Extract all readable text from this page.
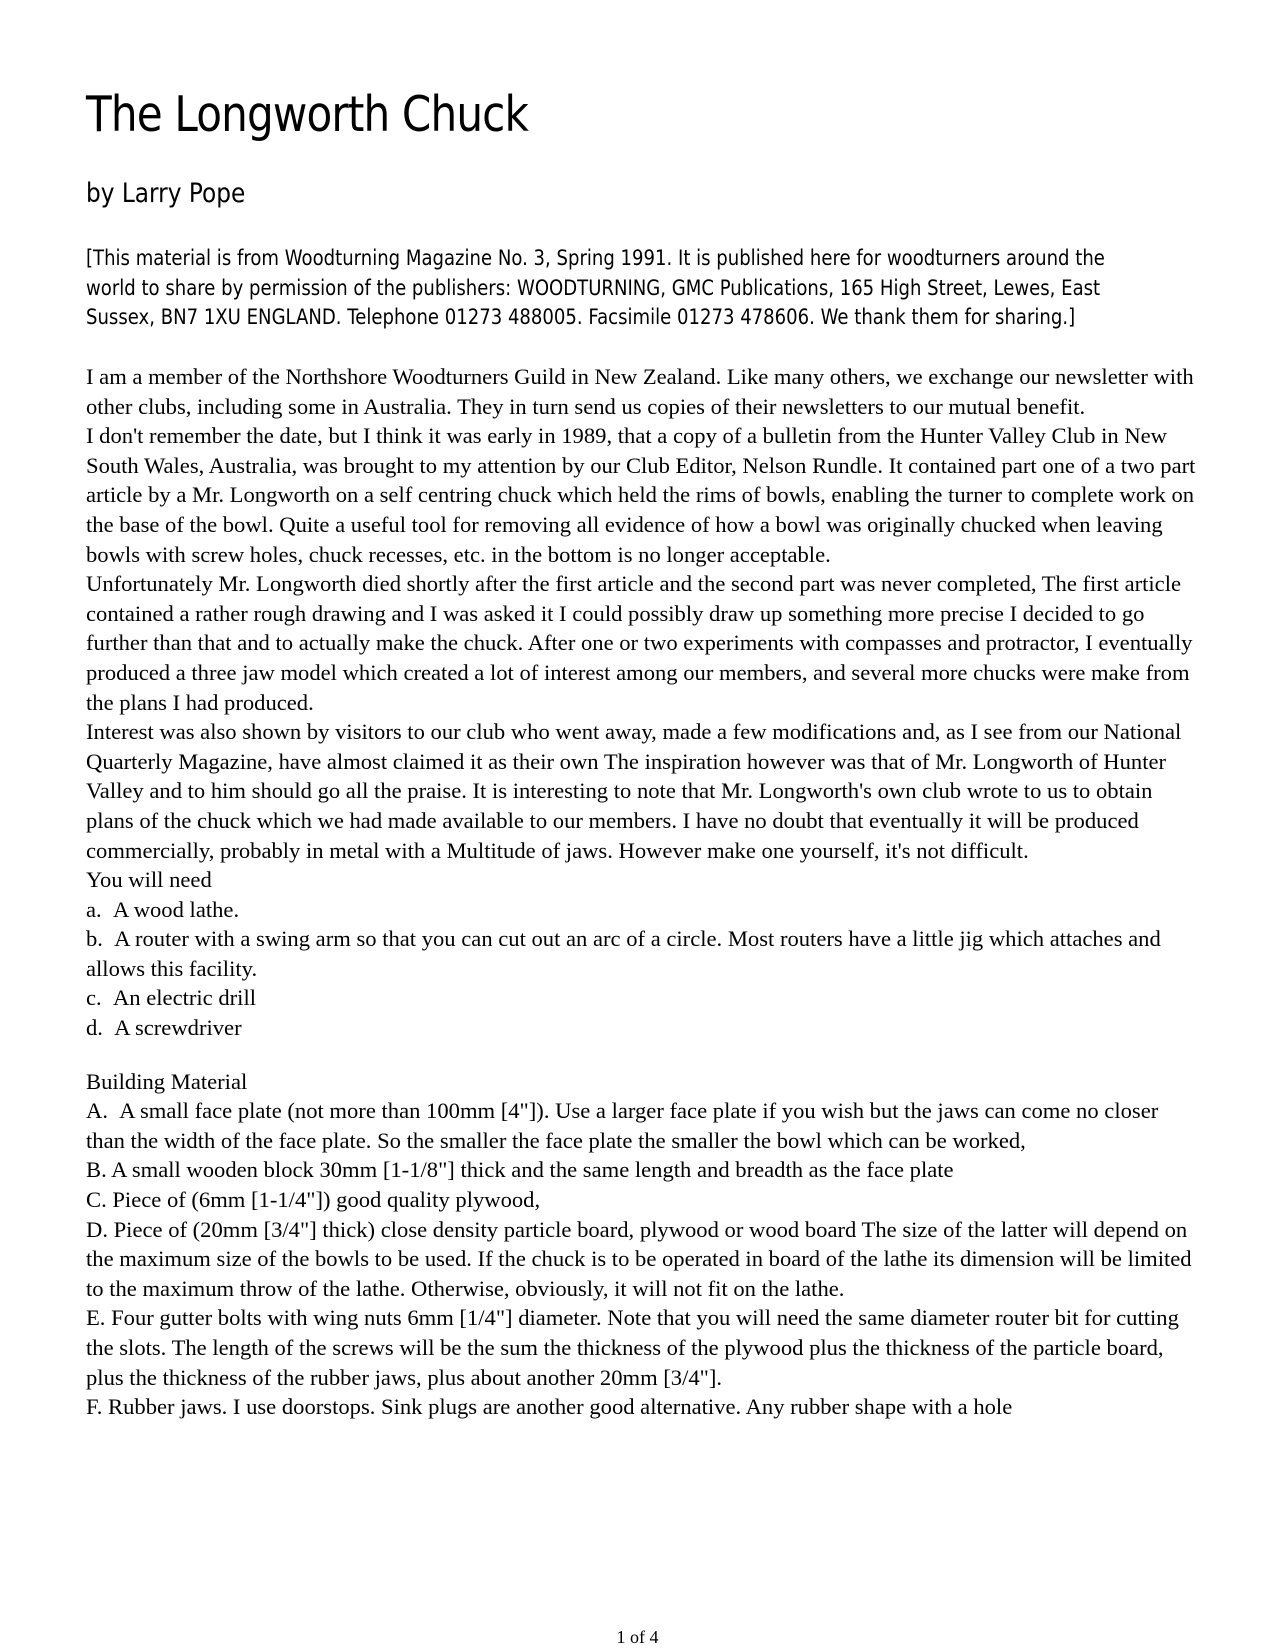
The Longworth Chuck
by Larry Pope

[This material is from Woodturning Magazine No. 3, Spring 1991. It is published here for woodturners around the world to share by permission of the publishers: WOODTURNING, GMC Publications, 165 High Street, Lewes, East Sussex, BN7 1XU ENGLAND. Telephone 01273 488005. Facsimile 01273 478606. We thank them for sharing.]

I am a member of the Northshore Woodturners Guild in New Zealand. Like many others, we exchange our newsletter with other clubs, including some in Australia. They in turn send us copies of their newsletters to our mutual benefit.

I don't remember the date, but I think it was early in 1989, that a copy of a bulletin from the Hunter Valley Club in New South Wales, Australia, was brought to my attention by our Club Editor, Nelson Rundle. It contained part one of a two part article by a Mr. Longworth on a self centring chuck which held the rims of bowls, enabling the turner to complete work on the base of the bowl. Quite a useful tool for removing all evidence of how a bowl was originally chucked when leaving bowls with screw holes, chuck recesses, etc. in the bottom is no longer acceptable.

Unfortunately Mr. Longworth died shortly after the first article and the second part was never completed, The first article contained a rather rough drawing and I was asked it I could possibly draw up something more precise I decided to go further than that and to actually make the chuck. After one or two experiments with compasses and protractor, I eventually produced a three jaw model which created a lot of interest among our members, and several more chucks were make from the plans I had produced.

Interest was also shown by visitors to our club who went away, made a few modifications and, as I see from our National Quarterly Magazine, have almost claimed it as their own The inspiration however was that of Mr. Longworth of Hunter Valley and to him should go all the praise. It is interesting to note that Mr. Longworth's own club wrote to us to obtain plans of the chuck which we had made available to our members. I have no doubt that eventually it will be produced commercially, probably in metal with a Multitude of jaws. However make one yourself, it's not difficult.

You will need

a.  A wood lathe.

b.  A router with a swing arm so that you can cut out an arc of a circle. Most routers have a little jig which attaches and allows this facility.

c.  An electric drill

d.  A screwdriver

Building Material

A.  A small face plate (not more than 100mm [4"]). Use a larger face plate if you wish but the jaws can come no closer than the width of the face plate. So the smaller the face plate the smaller the bowl which can be worked,

B. A small wooden block 30mm [1-1/8"] thick and the same length and breadth as the face plate

C. Piece of (6mm [1-1/4"]) good quality plywood,

D. Piece of (20mm [3/4"] thick) close density particle board, plywood or wood board The size of the latter will depend on the maximum size of the bowls to be used. If the chuck is to be operated in board of the lathe its dimension will be limited to the maximum throw of the lathe. Otherwise, obviously, it will not fit on the lathe.

E. Four gutter bolts with wing nuts 6mm [1/4"] diameter. Note that you will need the same diameter router bit for cutting the slots. The length of the screws will be the sum the thickness of the plywood plus the thickness of the particle board, plus the thickness of the rubber jaws, plus about another 20mm [3/4"].

F. Rubber jaws. I use doorstops. Sink plugs are another good alternative. Any rubber shape with a hole

1 of 4
